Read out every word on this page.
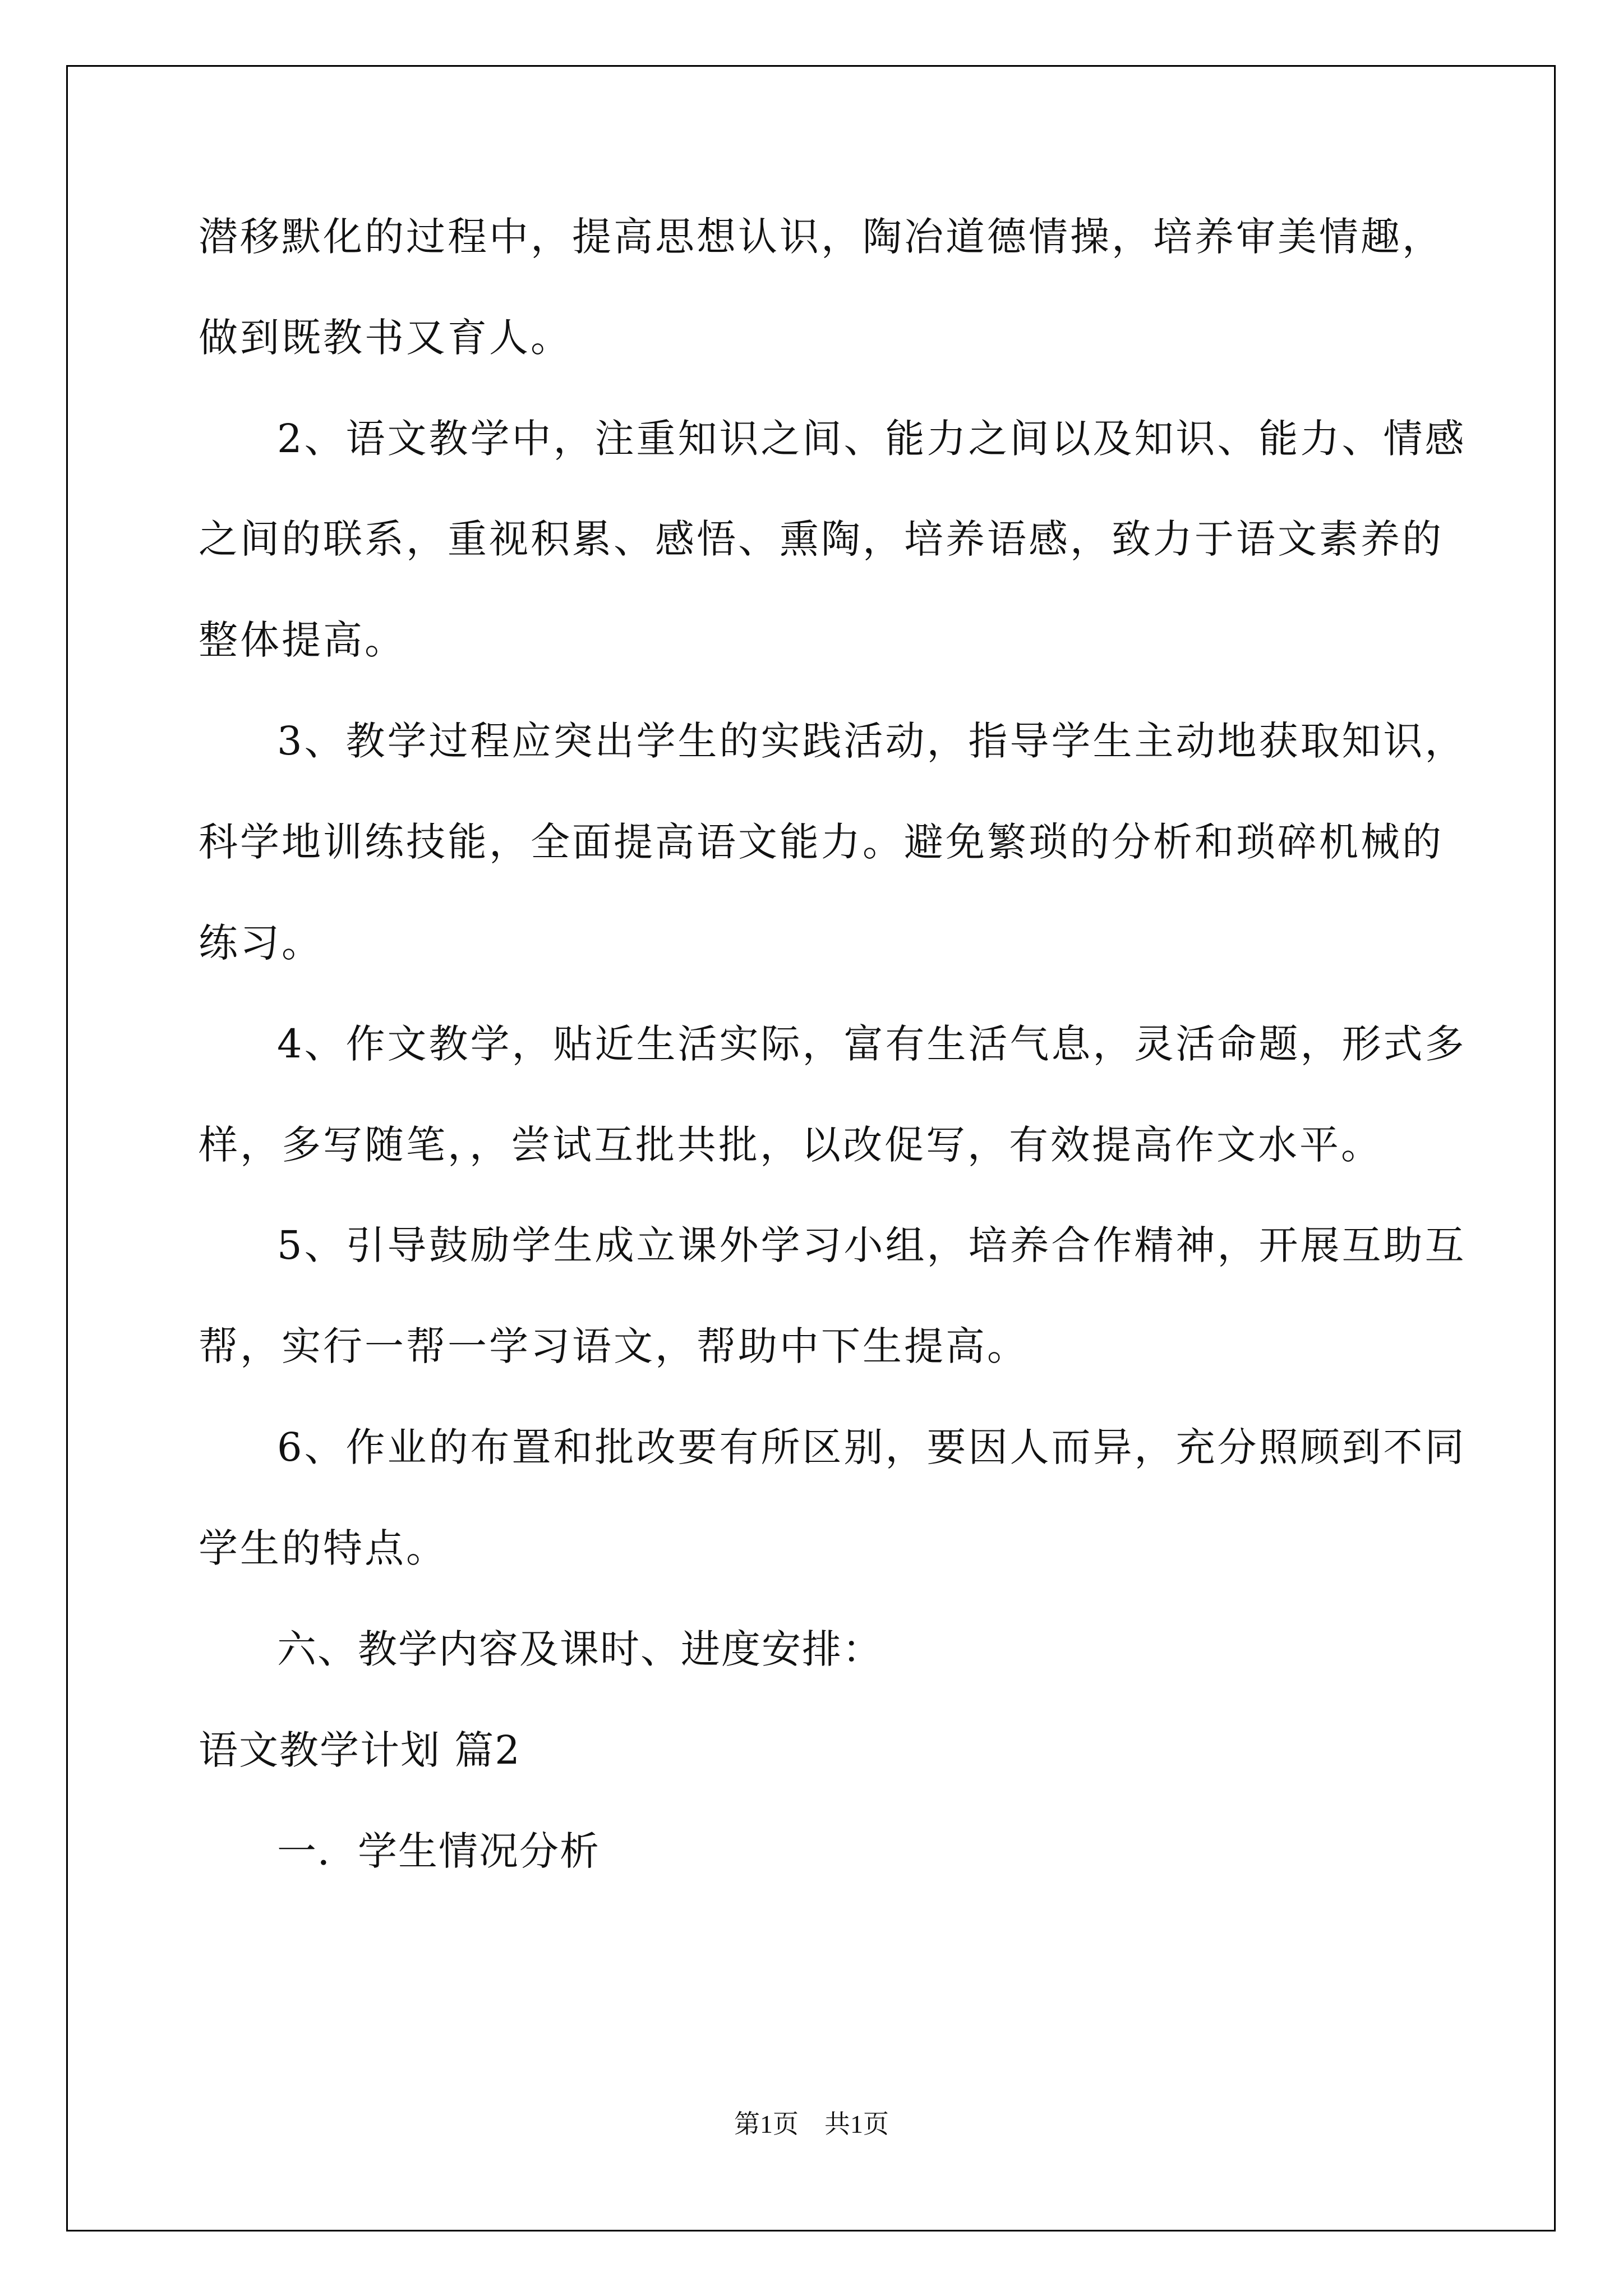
潜移默化的过程中，提高思想认识，陶冶道德情操，培养审美情趣，
做到既教书又育人。
2、语文教学中，注重知识之间、能力之间以及知识、能力、情感
之间的联系，重视积累、感悟、熏陶，培养语感，致力于语文素养的
整体提高。
3、教学过程应突出学生的实践活动，指导学生主动地获取知识，
科学地训练技能，全面提高语文能力。避免繁琐的分析和琐碎机械的
练习。
4、作文教学，贴近生活实际，富有生活气息，灵活命题，形式多
样，多写随笔，，尝试互批共批，以改促写，有效提高作文水平。
5、引导鼓励学生成立课外学习小组，培养合作精神，开展互助互
帮，实行一帮一学习语文，帮助中下生提高。
6、作业的布置和批改要有所区别，要因人而异，充分照顾到不同
学生的特点。
六、教学内容及课时、进度安排：
语文教学计划 篇2
一．学生情况分析
第1页　共1页
